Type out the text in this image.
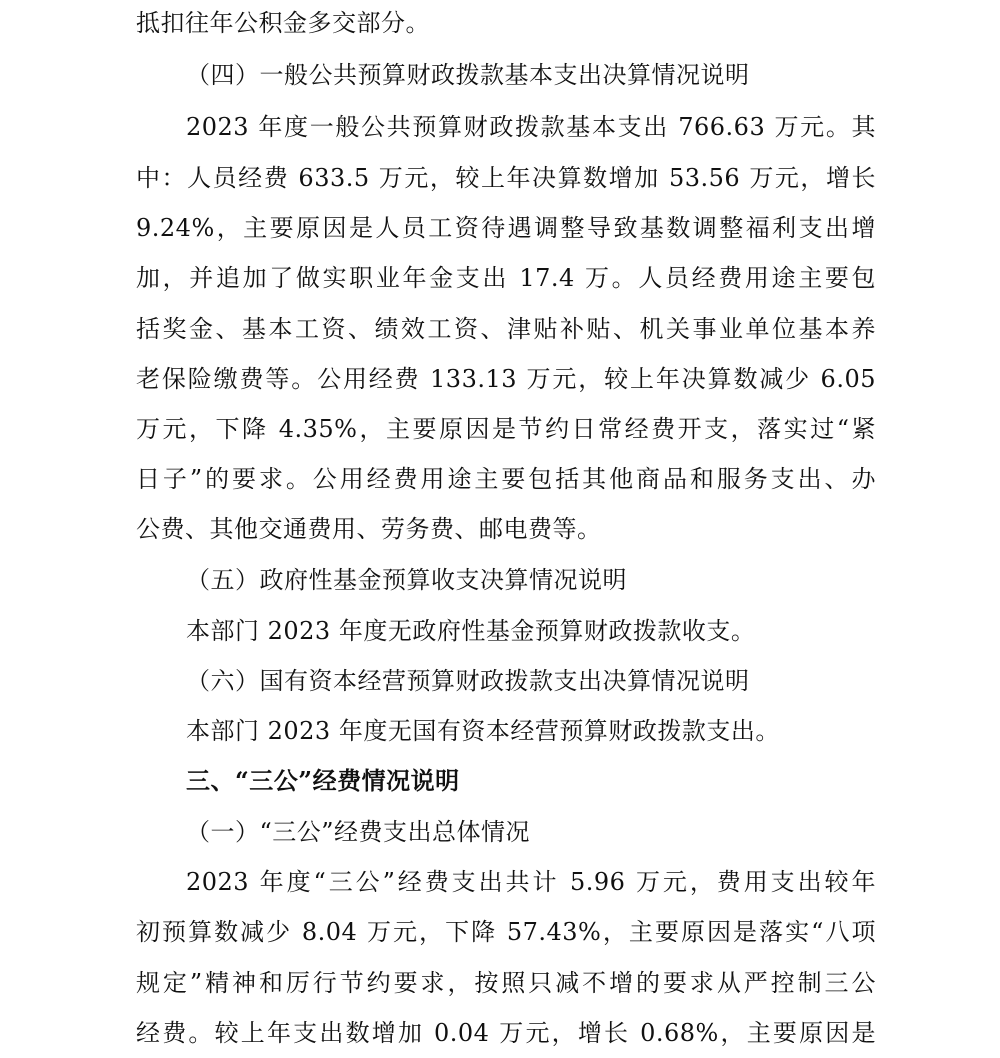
抵扣往年公积金多交部分。
（四）一般公共预算财政拨款基本支出决算情况说明
2023 年度一般公共预算财政拨款基本支出 766.63 万元。其
中：人员经费 633.5 万元，较上年决算数增加 53.56 万元，增长
9.24%，主要原因是人员工资待遇调整导致基数调整福利支出增
加，并追加了做实职业年金支出 17.4 万。人员经费用途主要包
括奖金、基本工资、绩效工资、津贴补贴、机关事业单位基本养
老保险缴费等。公用经费 133.13 万元，较上年决算数减少 6.05
万元，下降 4.35%，主要原因是节约日常经费开支，落实过“紧
日子”的要求。公用经费用途主要包括其他商品和服务支出、办
公费、其他交通费用、劳务费、邮电费等。
（五）政府性基金预算收支决算情况说明
本部门 2023 年度无政府性基金预算财政拨款收支。
（六）国有资本经营预算财政拨款支出决算情况说明
本部门 2023 年度无国有资本经营预算财政拨款支出。
三、“三公”经费情况说明
（一）“三公”经费支出总体情况
2023 年度“三公”经费支出共计 5.96 万元，费用支出较年
初预算数减少 8.04 万元，下降 57.43%，主要原因是落实“八项
规定”精神和厉行节约要求，按照只减不增的要求从严控制三公
经费。较上年支出数增加 0.04 万元，增长 0.68%，主要原因是
